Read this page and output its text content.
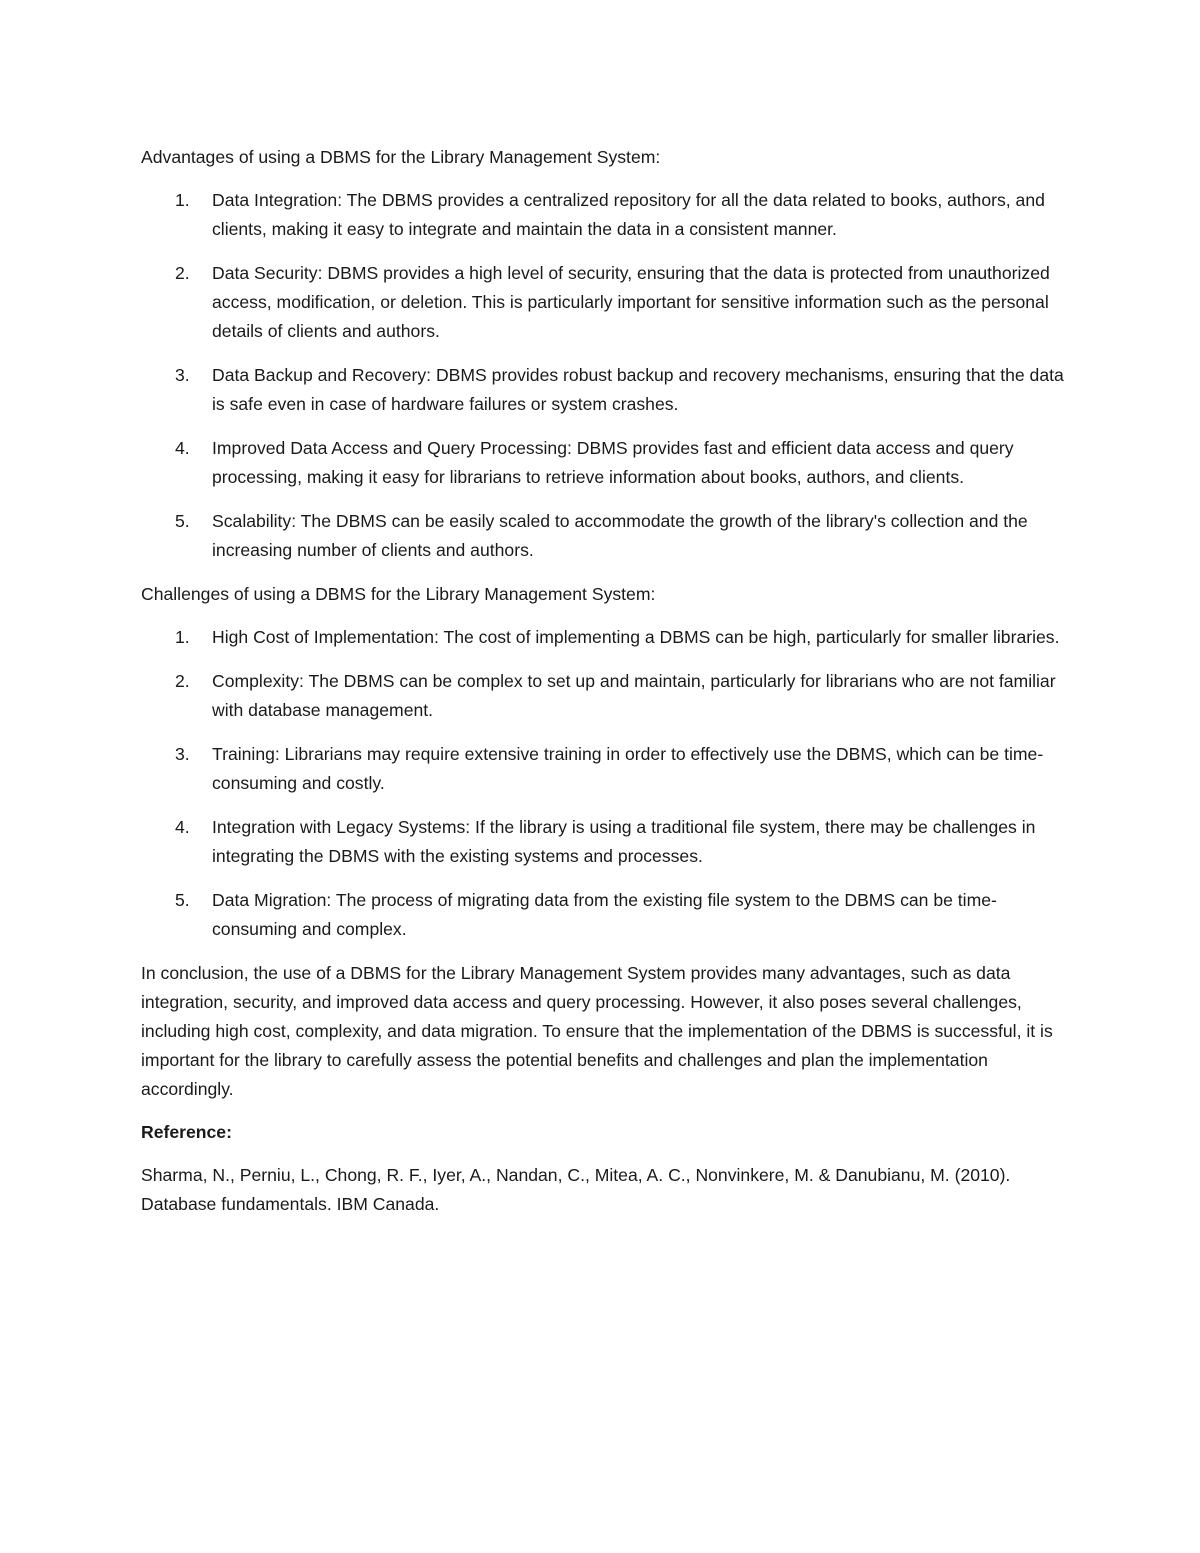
Advantages of using a DBMS for the Library Management System:

1. Data Integration: The DBMS provides a centralized repository for all the data related to books, authors, and clients, making it easy to integrate and maintain the data in a consistent manner.
2. Data Security: DBMS provides a high level of security, ensuring that the data is protected from unauthorized access, modification, or deletion. This is particularly important for sensitive information such as the personal details of clients and authors.
3. Data Backup and Recovery: DBMS provides robust backup and recovery mechanisms, ensuring that the data is safe even in case of hardware failures or system crashes.
4. Improved Data Access and Query Processing: DBMS provides fast and efficient data access and query processing, making it easy for librarians to retrieve information about books, authors, and clients.
5. Scalability: The DBMS can be easily scaled to accommodate the growth of the library's collection and the increasing number of clients and authors.

Challenges of using a DBMS for the Library Management System:

1. High Cost of Implementation: The cost of implementing a DBMS can be high, particularly for smaller libraries.
2. Complexity: The DBMS can be complex to set up and maintain, particularly for librarians who are not familiar with database management.
3. Training: Librarians may require extensive training in order to effectively use the DBMS, which can be time-consuming and costly.
4. Integration with Legacy Systems: If the library is using a traditional file system, there may be challenges in integrating the DBMS with the existing systems and processes.
5. Data Migration: The process of migrating data from the existing file system to the DBMS can be time-consuming and complex.

In conclusion, the use of a DBMS for the Library Management System provides many advantages, such as data integration, security, and improved data access and query processing. However, it also poses several challenges, including high cost, complexity, and data migration. To ensure that the implementation of the DBMS is successful, it is important for the library to carefully assess the potential benefits and challenges and plan the implementation accordingly.

Reference:

Sharma, N., Perniu, L., Chong, R. F., Iyer, A., Nandan, C., Mitea, A. C., Nonvinkere, M. & Danubianu, M. (2010). Database fundamentals. IBM Canada.
